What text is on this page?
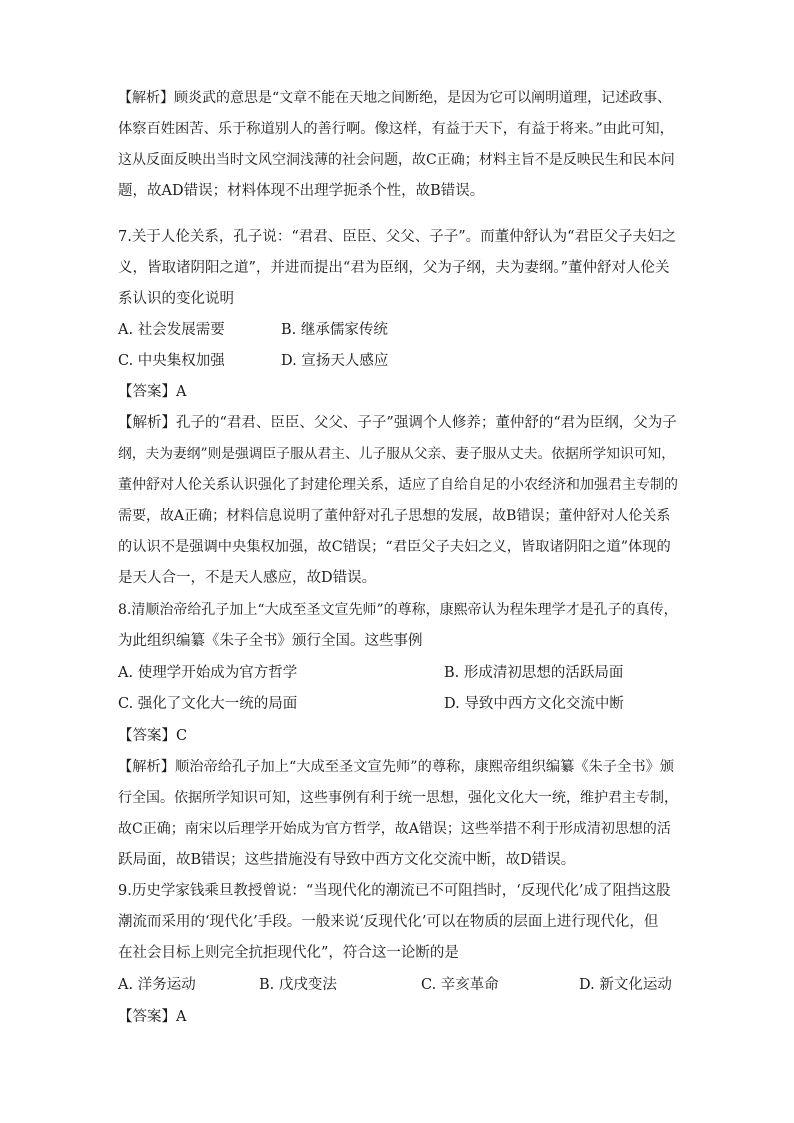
【解析】顾炎武的意思是“文章不能在天地之间断绝，是因为它可以阐明道理，记述政事、
体察百姓困苦、乐于称道别人的善行啊。像这样，有益于天下，有益于将来。”由此可知，
这从反面反映出当时文风空洞浅薄的社会问题，故C正确；材料主旨不是反映民生和民本问
题，故AD错误；材料体现不出理学扼杀个性，故B错误。
7.关于人伦关系，孔子说：“君君、臣臣、父父、子子”。而董仲舒认为“君臣父子夫妇之
义，皆取诸阴阳之道”，并进而提出“君为臣纲，父为子纲，夫为妻纲。”董仲舒对人伦关
系认识的变化说明
A. 社会发展需要	B. 继承儒家传统
C. 中央集权加强	D. 宣扬天人感应
【答案】A
【解析】孔子的“君君、臣臣、父父、子子”强调个人修养；董仲舒的“君为臣纲，父为子
纲，夫为妻纲”则是强调臣子服从君主、儿子服从父亲、妻子服从丈夫。依据所学知识可知，
董仲舒对人伦关系认识强化了封建伦理关系，适应了自给自足的小农经济和加强君主专制的
需要，故A正确；材料信息说明了董仲舒对孔子思想的发展，故B错误；董仲舒对人伦关系
的认识不是强调中央集权加强，故C错误；“君臣父子夫妇之义，皆取诸阴阳之道”体现的
是天人合一，不是天人感应，故D错误。
8.清顺治帝给孔子加上“大成至圣文宣先师”的尊称，康熙帝认为程朱理学才是孔子的真传，
为此组织编纂《朱子全书》颁行全国。这些事例
A. 使理学开始成为官方哲学	B. 形成清初思想的活跃局面
C. 强化了文化大一统的局面	D. 导致中西方文化交流中断
【答案】C
【解析】顺治帝给孔子加上“大成至圣文宣先师”的尊称，康熙帝组织编纂《朱子全书》颁
行全国。依据所学知识可知，这些事例有利于统一思想，强化文化大一统，维护君主专制，
故C正确；南宋以后理学开始成为官方哲学，故A错误；这些举措不利于形成清初思想的活
跃局面，故B错误；这些措施没有导致中西方文化交流中断，故D错误。
9.历史学家钱乘旦教授曾说：“当现代化的潮流已不可阻挡时，‘反现代化’成了阻挡这股
潮流而采用的‘现代化’手段。一般来说‘反现代化’可以在物质的层面上进行现代化，但
在社会目标上则完全抗拒现代化”，符合这一论断的是
A. 洋务运动	B. 戊戌变法	C. 辛亥革命	D. 新文化运动
【答案】A
